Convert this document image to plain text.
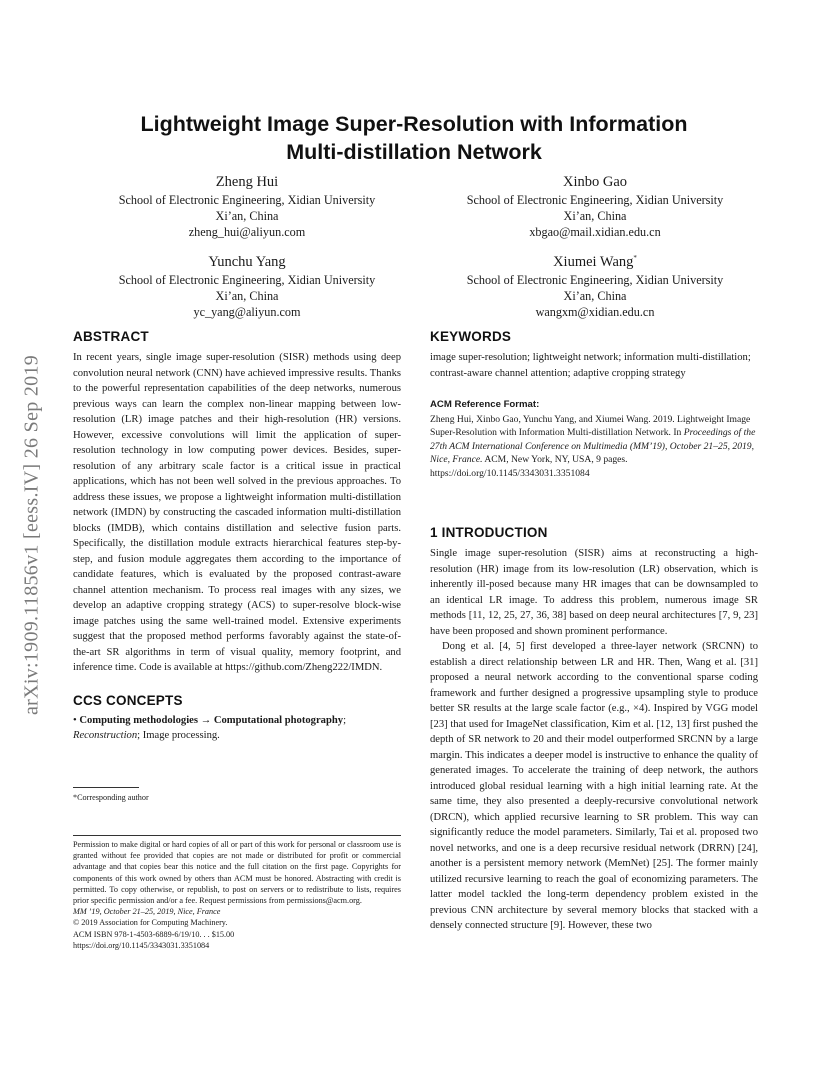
Lightweight Image Super-Resolution with Information
Multi-distillation Network
arXiv:1909.11856v1 [eess.IV] 26 Sep 2019
Zheng Hui
School of Electronic Engineering, Xidian University
Xi’an, China
zheng_hui@aliyun.com
Xinbo Gao
School of Electronic Engineering, Xidian University
Xi’an, China
xbgao@mail.xidian.edu.cn
Yunchu Yang
School of Electronic Engineering, Xidian University
Xi’an, China
yc_yang@aliyun.com
Xiumei Wang*
School of Electronic Engineering, Xidian University
Xi’an, China
wangxm@xidian.edu.cn
ABSTRACT

In recent years, single image super-resolution (SISR) methods using deep convolution neural network (CNN) have achieved impressive results. Thanks to the powerful representation capabilities of the deep networks, numerous previous ways can learn the complex non-linear mapping between low-resolution (LR) image patches and their high-resolution (HR) versions. However, excessive convolutions will limit the application of super-resolution technology in low computing power devices. Besides, super-resolution of any arbitrary scale factor is a critical issue in practical applications, which has not been well solved in the previous approaches. To address these issues, we propose a lightweight information multi-distillation network (IMDN) by constructing the cascaded information multi-distillation blocks (IMDB), which contains distillation and selective fusion parts. Specifically, the distillation module extracts hierarchical features step-by-step, and fusion module aggregates them according to the importance of candidate features, which is evaluated by the proposed contrast-aware channel attention mechanism. To process real images with any sizes, we develop an adaptive cropping strategy (ACS) to super-resolve block-wise image patches using the same well-trained model. Extensive experiments suggest that the proposed method performs favorably against the state-of-the-art SR algorithms in term of visual quality, memory footprint, and inference time. Code is available at https://github.com/Zheng222/IMDN.

CCS CONCEPTS

• Computing methodologies → Computational photography;
Reconstruction; Image processing.

*Corresponding author
Permission to make digital or hard copies of all or part of this work for personal or classroom use is granted without fee provided that copies are not made or distributed for profit or commercial advantage and that copies bear this notice and the full citation on the first page. Copyrights for components of this work owned by others than ACM must be honored. Abstracting with credit is permitted. To copy otherwise, or republish, to post on servers or to redistribute to lists, requires prior specific permission and/or a fee. Request permissions from permissions@acm.org.
MM ’19, October 21–25, 2019, Nice, France
© 2019 Association for Computing Machinery.
ACM ISBN 978-1-4503-6889-6/19/10. . . $15.00
https://doi.org/10.1145/3343031.3351084
KEYWORDS

image super-resolution; lightweight network; information multi-distillation; contrast-aware channel attention; adaptive cropping strategy

ACM Reference Format:
Zheng Hui, Xinbo Gao, Yunchu Yang, and Xiumei Wang. 2019. Lightweight Image Super-Resolution with Information Multi-distillation Network. In Proceedings of the 27th ACM International Conference on Multimedia (MM’19), October 21–25, 2019, Nice, France. ACM, New York, NY, USA, 9 pages. https://doi.org/10.1145/3343031.3351084
1 INTRODUCTION

Single image super-resolution (SISR) aims at reconstructing a high-resolution (HR) image from its low-resolution (LR) observation, which is inherently ill-posed because many HR images that can be downsampled to an identical LR image. To address this problem, numerous image SR methods [11, 12, 25, 27, 36, 38] based on deep neural architectures [7, 9, 23] have been proposed and shown prominent performance.

Dong et al. [4, 5] first developed a three-layer network (SRCNN) to establish a direct relationship between LR and HR. Then, Wang et al. [31] proposed a neural network according to the conventional sparse coding framework and further designed a progressive upsampling style to produce better SR results at the large scale factor (e.g., ×4). Inspired by VGG model [23] that used for ImageNet classification, Kim et al. [12, 13] first pushed the depth of SR network to 20 and their model outperformed SRCNN by a large margin. This indicates a deeper model is instructive to enhance the quality of generated images. To accelerate the training of deep network, the authors introduced global residual learning with a high initial learning rate. At the same time, they also presented a deeply-recursive convolutional network (DRCN), which applied recursive learning to SR problem. This way can significantly reduce the model parameters. Similarly, Tai et al. proposed two novel networks, and one is a deep recursive residual network (DRRN) [24], another is a persistent memory network (MemNet) [25]. The former mainly utilized recursive learning to reach the goal of economizing parameters. The latter model tackled the long-term dependency problem existed in the previous CNN architecture by several memory blocks that stacked with a densely connected structure [9]. However, these two
